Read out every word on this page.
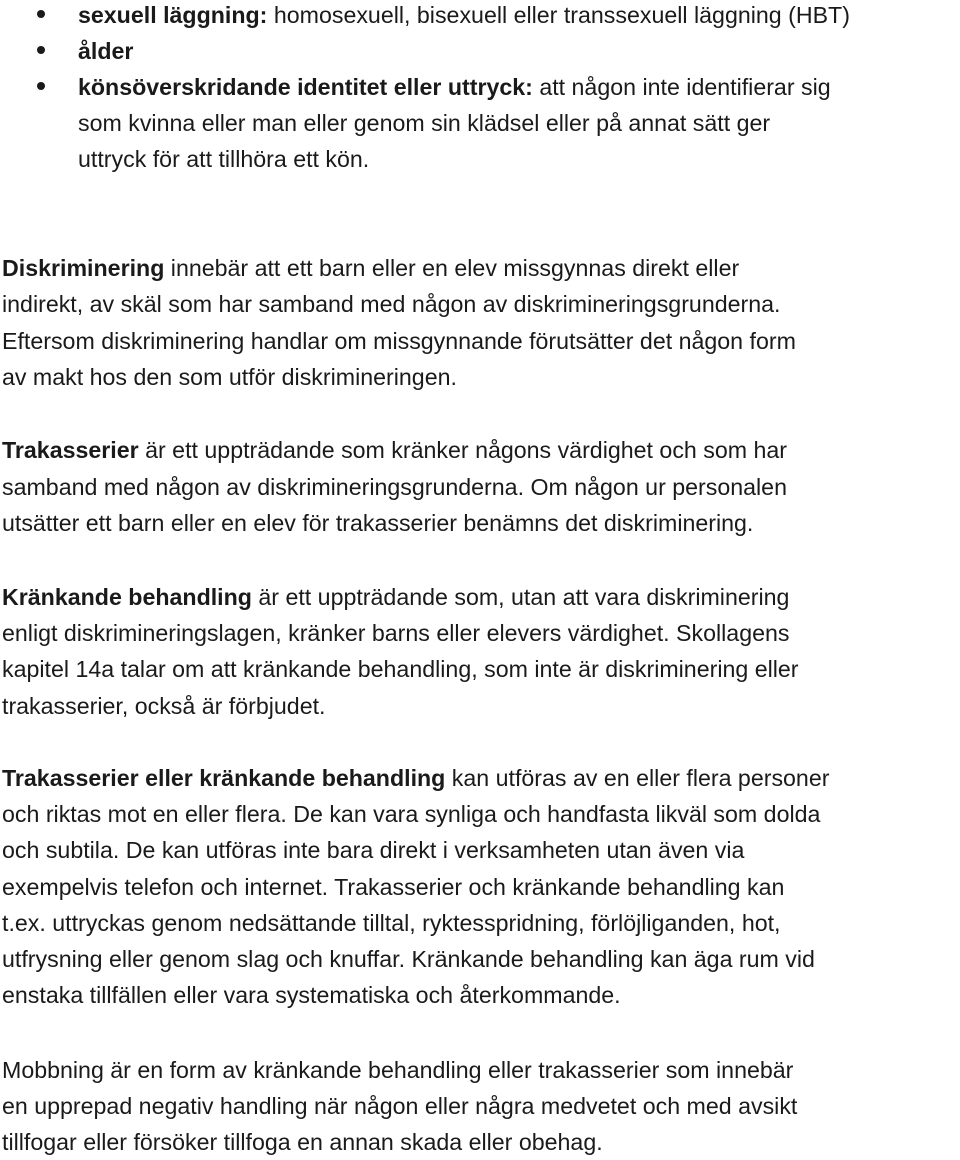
sexuell läggning: homosexuell, bisexuell eller transsexuell läggning (HBT)
ålder
könsöverskridande identitet eller uttryck: att någon inte identifierar sig
som kvinna eller man eller genom sin klädsel eller på annat sätt ger
uttryck för att tillhöra ett kön.
Diskriminering innebär att ett barn eller en elev missgynnas direkt eller
indirekt, av skäl som har samband med någon av diskrimineringsgrunderna.
Eftersom diskriminering handlar om missgynnande förutsätter det någon form
av makt hos den som utför diskrimineringen.
Trakasserier är ett uppträdande som kränker någons värdighet och som har
samband med någon av diskrimineringsgrunderna. Om någon ur personalen
utsätter ett barn eller en elev för trakasserier benämns det diskriminering.
Kränkande behandling är ett uppträdande som, utan att vara diskriminering
enligt diskrimineringslagen, kränker barns eller elevers värdighet. Skollagens
kapitel 14a talar om att kränkande behandling, som inte är diskriminering eller
trakasserier, också är förbjudet.
Trakasserier eller kränkande behandling kan utföras av en eller flera personer
och riktas mot en eller flera. De kan vara synliga och handfasta likväl som dolda
och subtila. De kan utföras inte bara direkt i verksamheten utan även via
exempelvis telefon och internet. Trakasserier och kränkande behandling kan
t.ex. uttryckas genom nedsättande tilltal, ryktesspridning, förlöjliganden, hot,
utfrysning eller genom slag och knuffar. Kränkande behandling kan äga rum vid
enstaka tillfällen eller vara systematiska och återkommande.
Mobbning är en form av kränkande behandling eller trakasserier som innebär
en upprepad negativ handling när någon eller några medvetet och med avsikt
tillfogar eller försöker tillfoga en annan skada eller obehag.
